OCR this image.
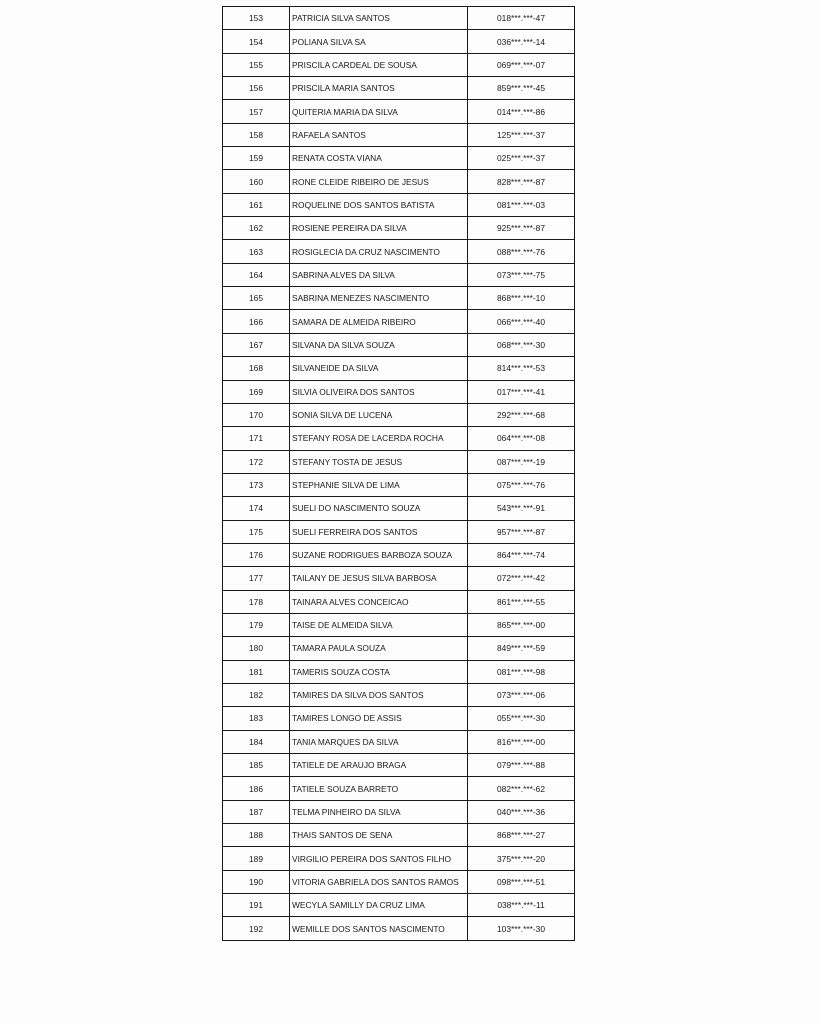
153	PATRICIA SILVA SANTOS	018***.***-47
154	POLIANA SILVA SA	036***.***-14
155	PRISCILA CARDEAL DE SOUSA	069***.***-07
156	PRISCILA MARIA SANTOS	859***.***-45
157	QUITERIA MARIA DA SILVA	014***.***-86
158	RAFAELA SANTOS	125***.***-37
159	RENATA COSTA VIANA	025***.***-37
160	RONE CLEIDE RIBEIRO DE JESUS	828***.***-87
161	ROQUELINE DOS SANTOS BATISTA	081***.***-03
162	ROSIENE PEREIRA DA SILVA	925***.***-87
163	ROSIGLECIA DA CRUZ NASCIMENTO	088***.***-76
164	SABRINA ALVES DA SILVA	073***.***-75
165	SABRINA MENEZES NASCIMENTO	868***.***-10
166	SAMARA DE ALMEIDA RIBEIRO	066***.***-40
167	SILVANA DA SILVA SOUZA	068***.***-30
168	SILVANEIDE DA SILVA	814***.***-53
169	SILVIA OLIVEIRA DOS SANTOS	017***.***-41
170	SONIA SILVA DE LUCENA	292***.***-68
171	STEFANY ROSA DE LACERDA ROCHA	064***.***-08
172	STEFANY TOSTA DE JESUS	087***.***-19
173	STEPHANIE SILVA DE LIMA	075***.***-76
174	SUELI DO NASCIMENTO SOUZA	543***.***-91
175	SUELI FERREIRA DOS SANTOS	957***.***-87
176	SUZANE RODRIGUES BARBOZA SOUZA	864***.***-74
177	TAILANY DE JESUS SILVA BARBOSA	072***.***-42
178	TAINARA ALVES CONCEICAO	861***.***-55
179	TAISE DE ALMEIDA SILVA	865***.***-00
180	TAMARA PAULA SOUZA	849***.***-59
181	TAMERIS SOUZA COSTA	081***.***-98
182	TAMIRES DA SILVA DOS SANTOS	073***.***-06
183	TAMIRES LONGO DE ASSIS	055***.***-30
184	TANIA MARQUES DA SILVA	816***.***-00
185	TATIELE DE ARAUJO BRAGA	079***.***-88
186	TATIELE SOUZA BARRETO	082***.***-62
187	TELMA PINHEIRO DA SILVA	040***.***-36
188	THAIS SANTOS DE SENA	868***.***-27
189	VIRGILIO PEREIRA DOS SANTOS FILHO	375***.***-20
190	VITORIA GABRIELA DOS SANTOS RAMOS	098***.***-51
191	WECYLA SAMILLY DA CRUZ LIMA	038***.***-11
192	WEMILLE DOS SANTOS NASCIMENTO	103***.***-30
